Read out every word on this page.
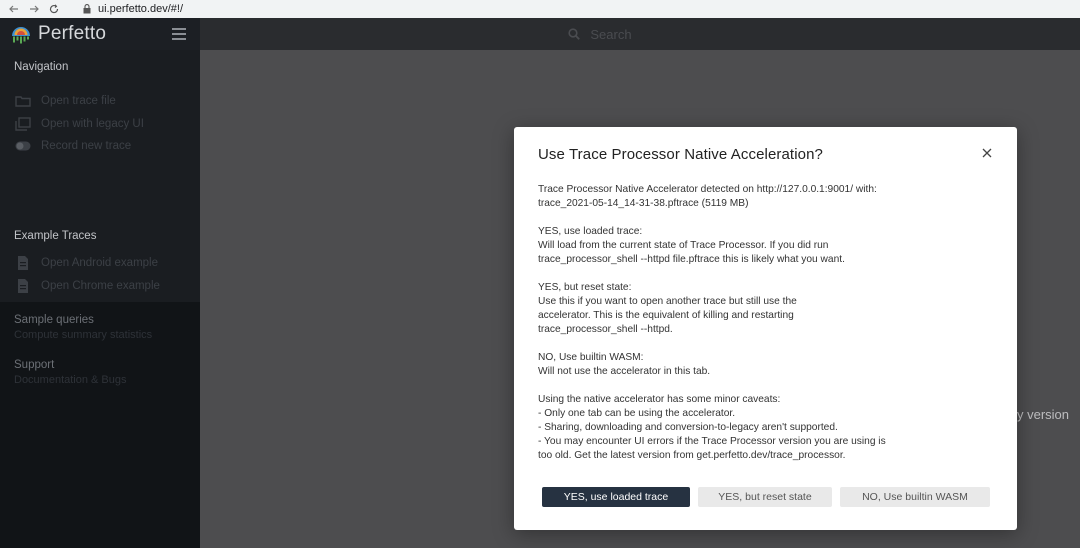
ui.perfetto.dev/#!/
Perfetto
Navigation
Open trace file
Open with legacy UI
Record new trace
Example Traces
Open Android example
Open Chrome example
Sample queries
Compute summary statistics
Support
Documentation & Bugs
Search
y version
Use Trace Processor Native Acceleration?
Trace Processor Native Accelerator detected on http://127.0.0.1:9001/ with:
trace_2021-05-14_14-31-38.pftrace (5119 MB)
YES, use loaded trace:
Will load from the current state of Trace Processor. If you did run
trace_processor_shell --httpd file.pftrace this is likely what you want.
YES, but reset state:
Use this if you want to open another trace but still use the
accelerator. This is the equivalent of killing and restarting
trace_processor_shell --httpd.
NO, Use builtin WASM:
Will not use the accelerator in this tab.
Using the native accelerator has some minor caveats:
- Only one tab can be using the accelerator.
- Sharing, downloading and conversion-to-legacy aren't supported.
- You may encounter UI errors if the Trace Processor version you are using is
too old. Get the latest version from get.perfetto.dev/trace_processor.
YES, use loaded trace	YES, but reset state	NO, Use builtin WASM
